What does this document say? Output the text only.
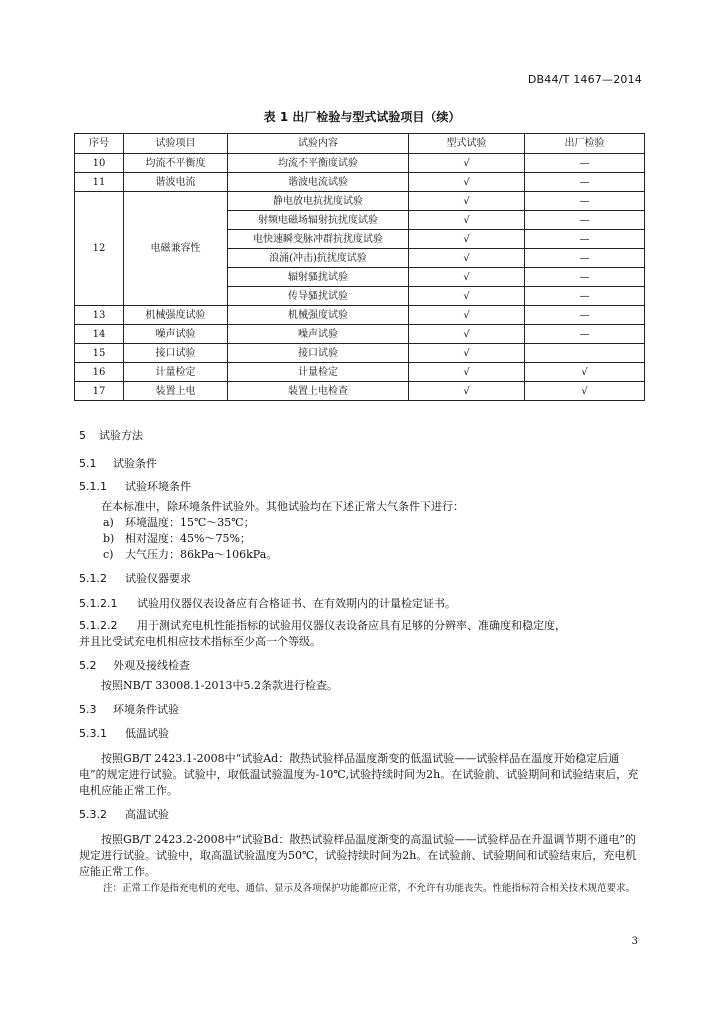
DB44/T 1467—2014
表 1 出厂检验与型式试验项目（续）
序号	试验项目	试验内容	型式试验	出厂检验
10	均流不平衡度	均流不平衡度试验	√	—
11	谐波电流	谐波电流试验	√	—
12	电磁兼容性	静电放电抗扰度试验	√	—
		射频电磁场辐射抗扰度试验	√	—
		电快速瞬变脉冲群抗扰度试验	√	—
		浪涌(冲击)抗扰度试验	√	—
		辐射骚扰试验	√	—
		传导骚扰试验	√	—
13	机械强度试验	机械强度试验	√	—
14	噪声试验	噪声试验	√	—
15	接口试验	接口试验	√	
16	计量检定	计量检定	√	√
17	装置上电	装置上电检查	√	√

5 试验方法

5.1 试验条件

5.1.1 试验环境条件

在本标准中，除环境条件试验外。其他试验均在下述正常大气条件下进行：

a) 环境温度：15℃～35℃；
b) 相对湿度：45%～75%；
c) 大气压力：86kPa～106kPa。

5.1.2 试验仪器要求

5.1.2.1 试验用仪器仪表设备应有合格证书、在有效期内的计量检定证书。

5.1.2.2 用于测试充电机性能指标的试验用仪器仪表设备应具有足够的分辨率、准确度和稳定度，

并且比受试充电机相应技术指标至少高一个等级。

5.2 外观及接线检查

按照NB/T 33008.1-2013中5.2条款进行检查。

5.3 环境条件试验

5.3.1 低温试验

按照GB/T 2423.1-2008中“试验Ad：散热试验样品温度渐变的低温试验——试验样品在温度开始稳定后通电”的规定进行试验。试验中，取低温试验温度为-10℃,试验持续时间为2h。在试验前、试验期间和试验结束后，充电机应能正常工作。

5.3.2 高温试验

按照GB/T 2423.2-2008中“试验Bd：散热试验样品温度渐变的高温试验——试验样品在升温调节期不通电”的规定进行试验。试验中，取高温试验温度为50℃，试验持续时间为2h。在试验前、试验期间和试验结束后，充电机应能正常工作。

注：正常工作是指充电机的充电、通信、显示及各项保护功能都应正常，不允许有功能丧失。性能指标符合相关技术规范要求。

3
